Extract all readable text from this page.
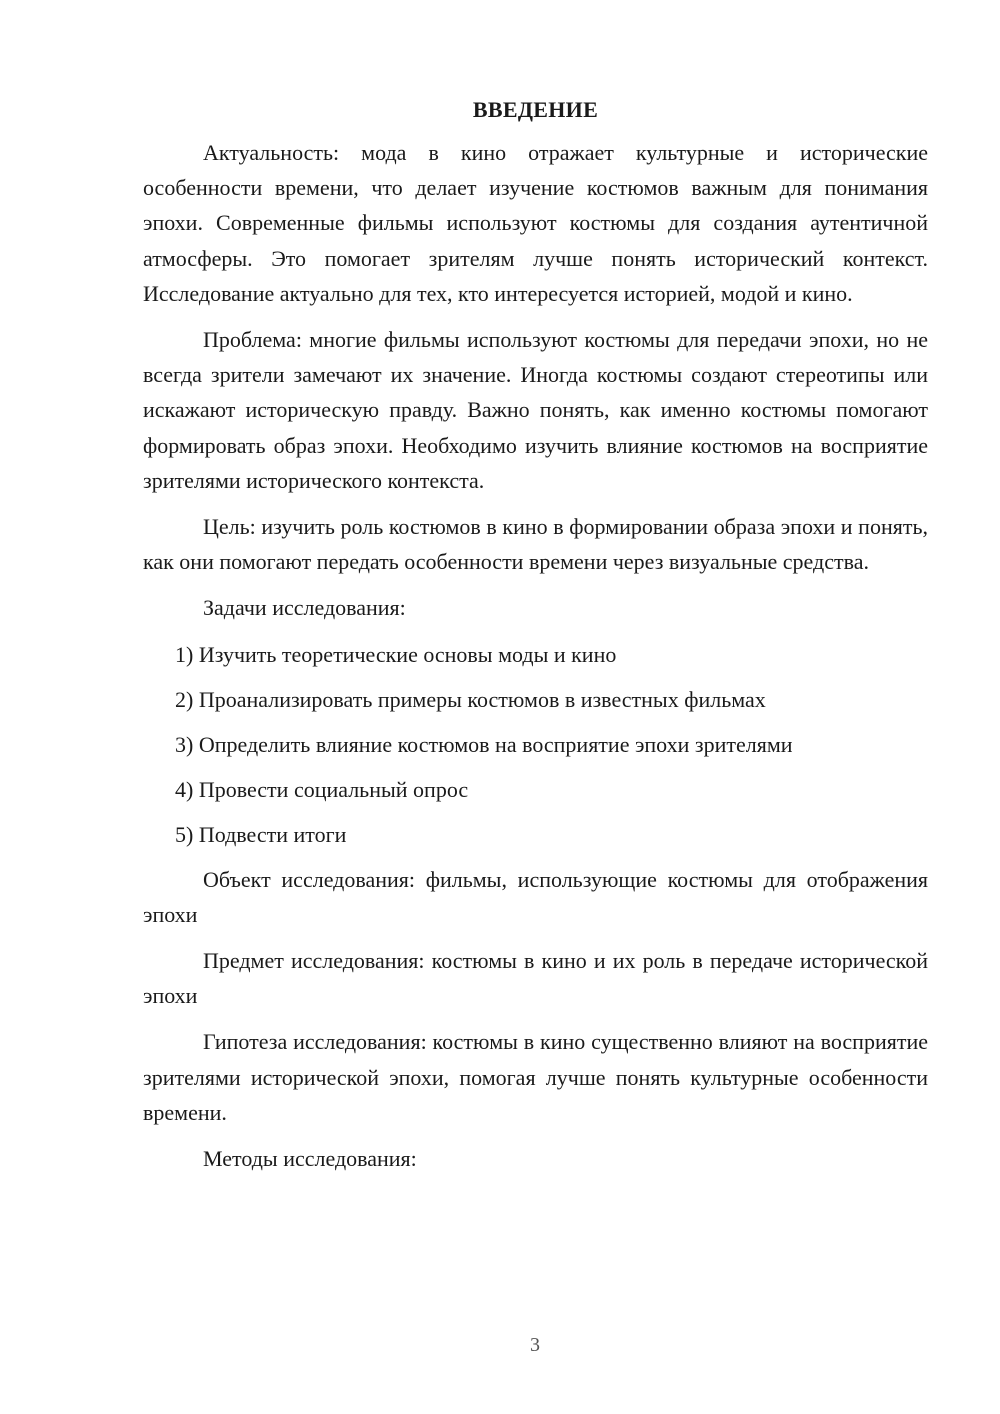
ВВЕДЕНИЕ

Актуальность: мода в кино отражает культурные и исторические особенности времени, что делает изучение костюмов важным для понимания эпохи. Современные фильмы используют костюмы для создания аутентичной атмосферы. Это помогает зрителям лучше понять исторический контекст. Исследование актуально для тех, кто интересуется историей, модой и кино.

Проблема: многие фильмы используют костюмы для передачи эпохи, но не всегда зрители замечают их значение. Иногда костюмы создают стереотипы или искажают историческую правду. Важно понять, как именно костюмы помогают формировать образ эпохи. Необходимо изучить влияние костюмов на восприятие зрителями исторического контекста.

Цель: изучить роль костюмов в кино в формировании образа эпохи и понять, как они помогают передать особенности времени через визуальные средства.

Задачи исследования:

1) Изучить теоретические основы моды и кино
2) Проанализировать примеры костюмов в известных фильмах
3) Определить влияние костюмов на восприятие эпохи зрителями
4) Провести социальный опрос
5) Подвести итоги

Объект исследования: фильмы, использующие костюмы для отображения эпохи

Предмет исследования: костюмы в кино и их роль в передаче исторической эпохи

Гипотеза исследования: костюмы в кино существенно влияют на восприятие зрителями исторической эпохи, помогая лучше понять культурные особенности времени.

Методы исследования:

3
